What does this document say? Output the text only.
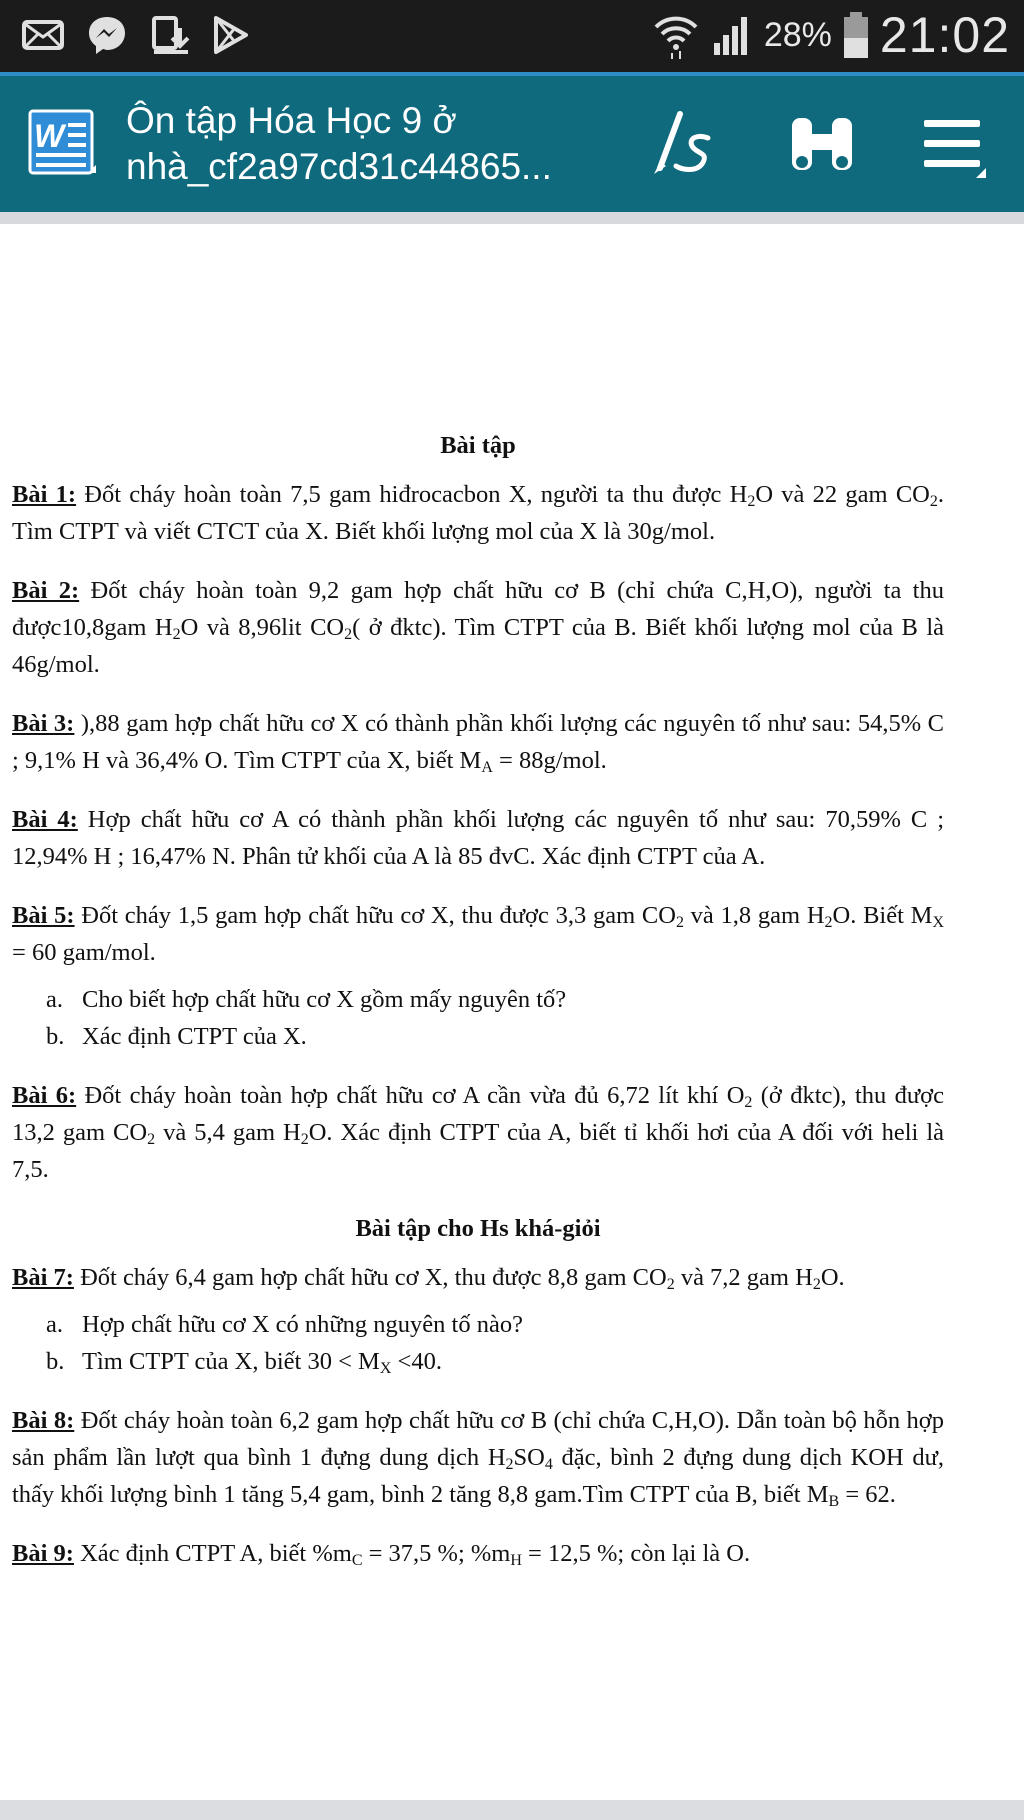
28% 21:02
W Ôn tập Hóa Học 9 ở
nhà_cf2a97cd31c44865...
Bài tập

Bài 1: Đốt cháy hoàn toàn 7,5 gam hiđrocacbon X, người ta thu được $H_2O$ và 22 gam $CO_2$. Tìm CTPT và viết CTCT của X. Biết khối lượng mol của X là 30g/mol.

Bài 2: Đốt cháy hoàn toàn 9,2 gam hợp chất hữu cơ B (chỉ chứa C,H,O), người ta thu được10,8gam $H_2O$ và 8,96lit $CO_2$( ở đktc). Tìm CTPT của B. Biết khối lượng mol của B là 46g/mol.

Bài 3: ),88 gam hợp chất hữu cơ X có thành phần khối lượng các nguyên tố như sau: 54,5% C ; 9,1% H và 36,4% O. Tìm CTPT của X, biết $M_A = 88g/mol$.

Bài 4: Hợp chất hữu cơ A có thành phần khối lượng các nguyên tố như sau: 70,59% C ; 12,94% H ; 16,47% N. Phân tử khối của A là 85 đvC. Xác định CTPT của A.

Bài 5: Đốt cháy 1,5 gam hợp chất hữu cơ X, thu được 3,3 gam $CO_2$ và 1,8 gam $H_2O$. Biết $M_X = 60$ gam/mol.

a. Cho biết hợp chất hữu cơ X gồm mấy nguyên tố?
b. Xác định CTPT của X.

Bài 6: Đốt cháy hoàn toàn hợp chất hữu cơ A cần vừa đủ 6,72 lít khí $O_2$ (ở đktc), thu được 13,2 gam $CO_2$ và 5,4 gam $H_2O$. Xác định CTPT của A, biết tỉ khối hơi của A đối với heli là 7,5.

Bài tập cho Hs khá-giỏi

Bài 7: Đốt cháy 6,4 gam hợp chất hữu cơ X, thu được 8,8 gam $CO_2$ và 7,2 gam $H_2O$.

a. Hợp chất hữu cơ X có những nguyên tố nào?
b. Tìm CTPT của X, biết $30 < M_X <40$.

Bài 8: Đốt cháy hoàn toàn 6,2 gam hợp chất hữu cơ B (chỉ chứa C,H,O). Dẫn toàn bộ hỗn hợp sản phẩm lần lượt qua bình 1 đựng dung dịch $H_2SO_4$ đặc, bình 2 đựng dung dịch KOH dư, thấy khối lượng bình 1 tăng 5,4 gam, bình 2 tăng 8,8 gam.Tìm CTPT của B, biết $M_B = 62$.

Bài 9: Xác định CTPT A, biết $\%m_C = 37,5$ %; $\%m_H = 12,5$ %; còn lại là O.
